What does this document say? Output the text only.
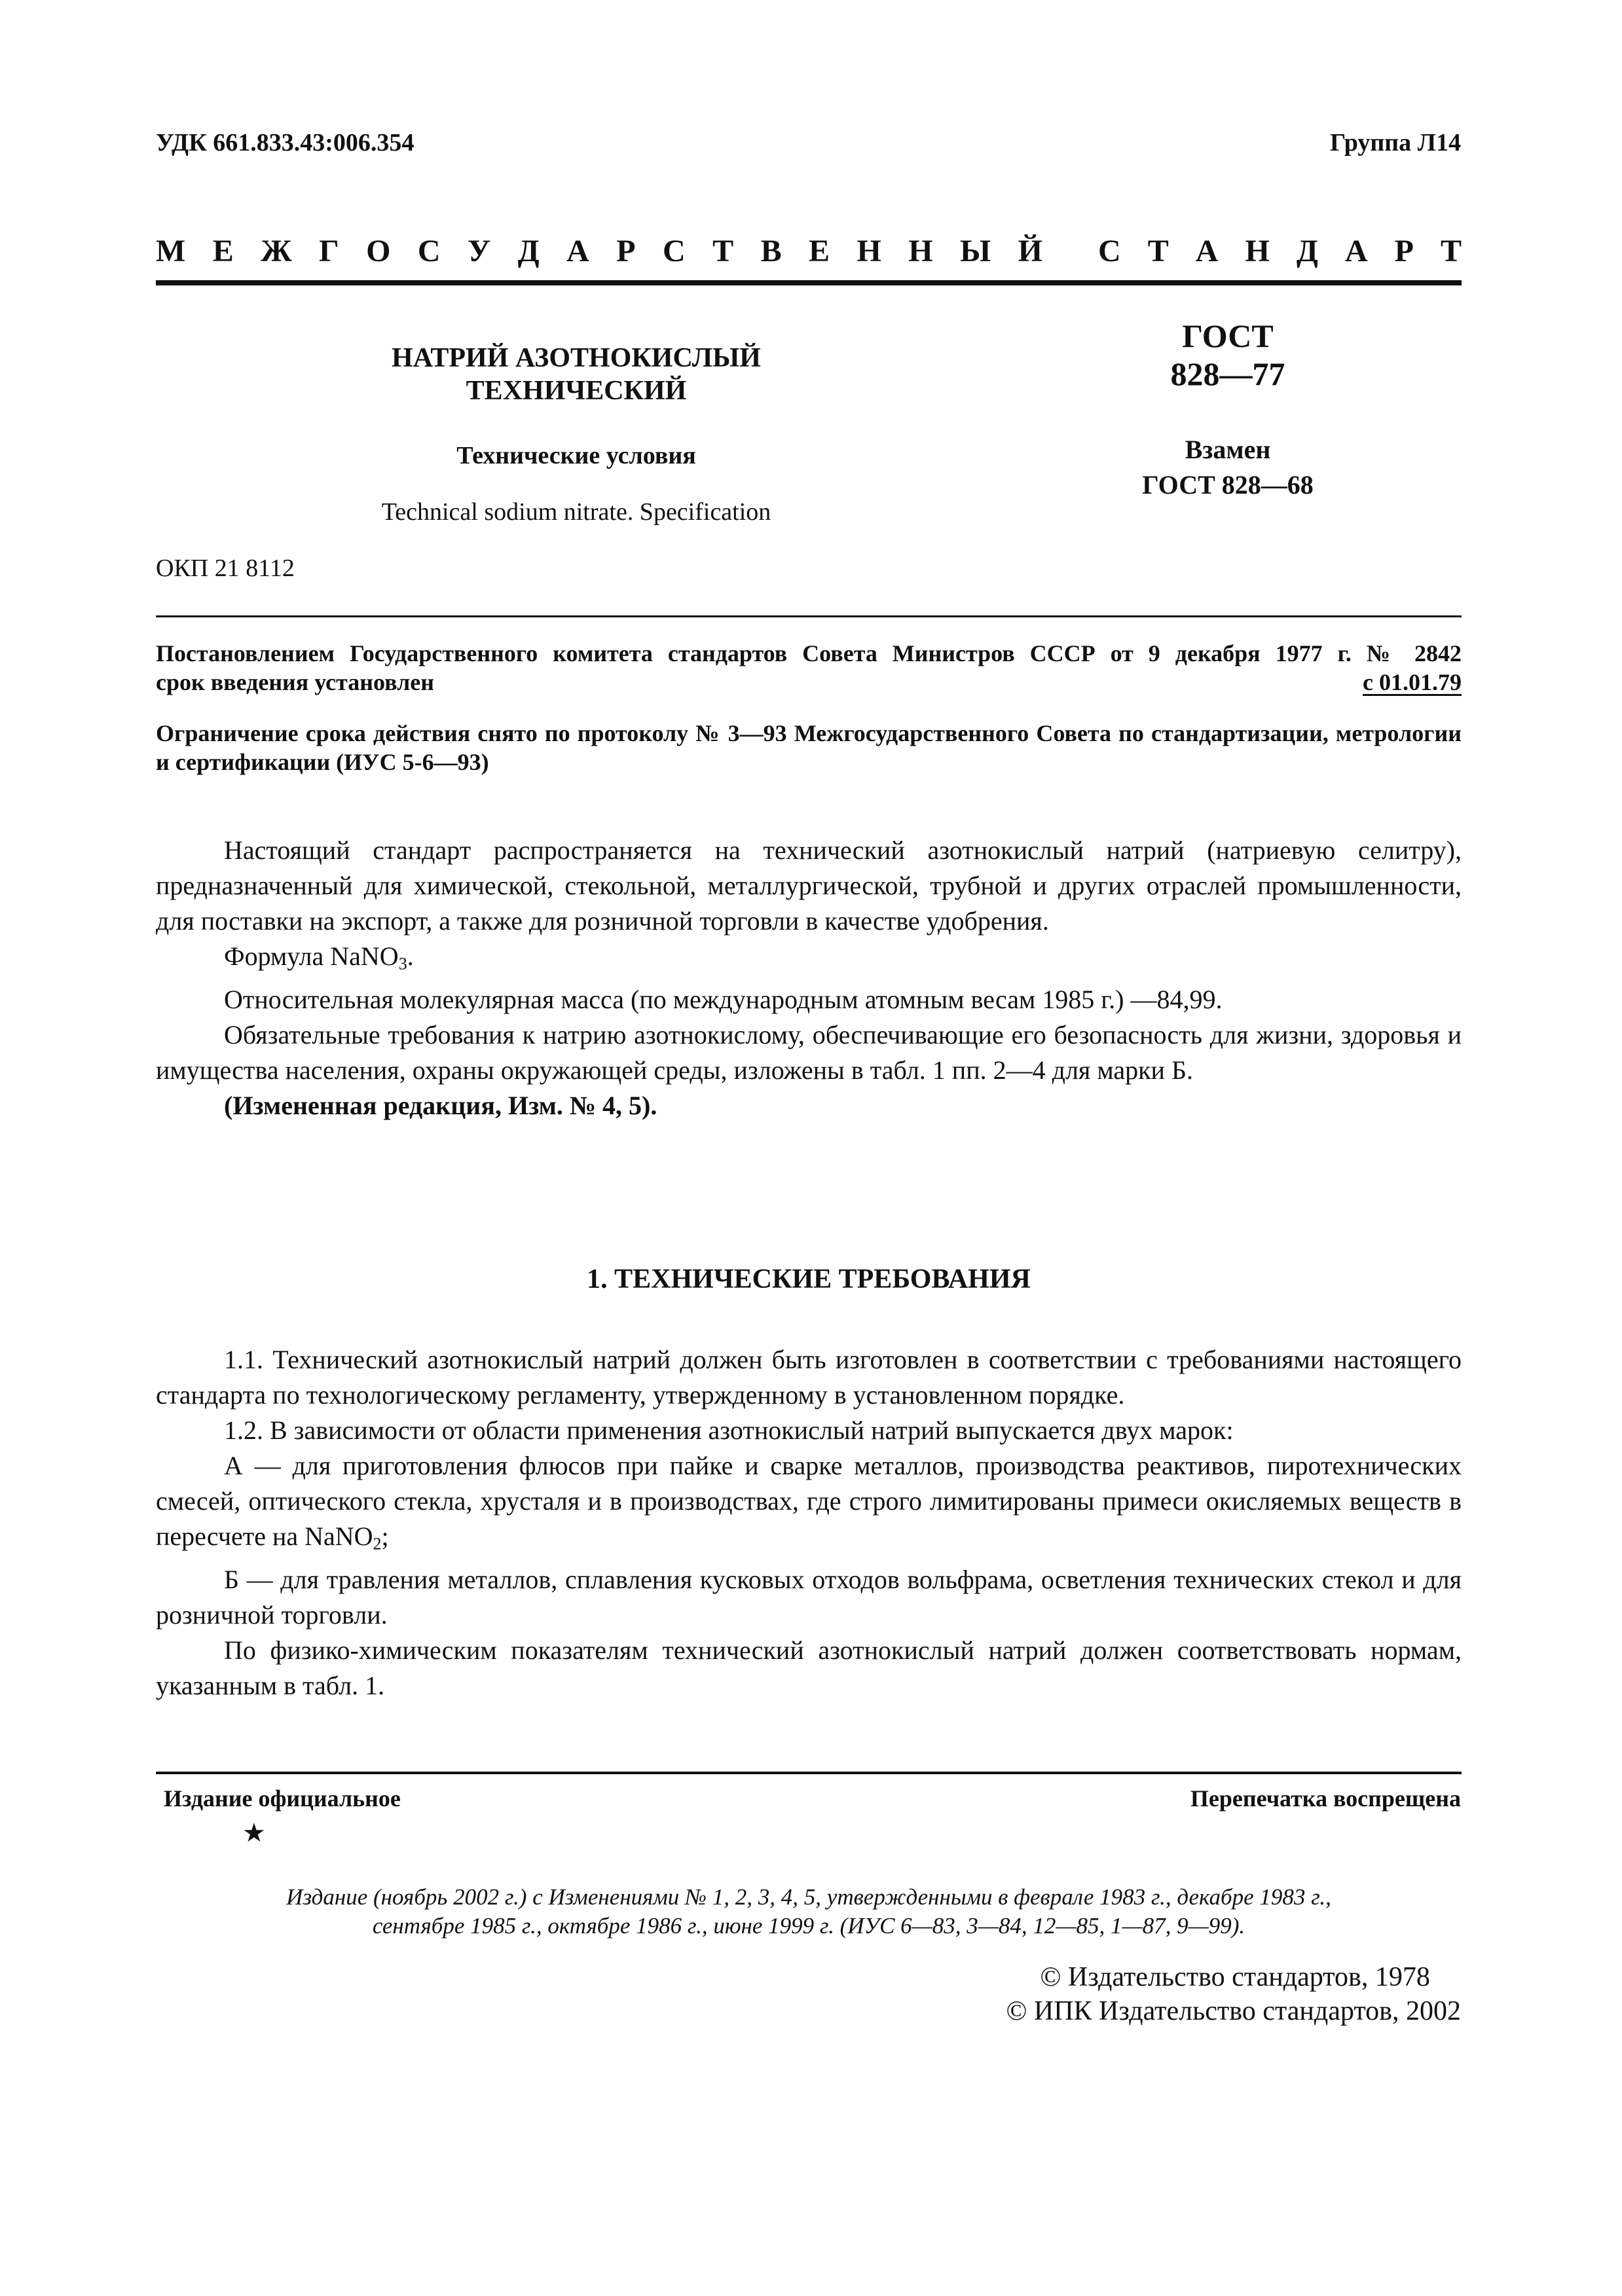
УДК 661.833.43:006.354	Группа Л14
М Е Ж Г О С У Д А Р С Т В Е Н Н Ы Й С Т А Н Д А Р Т
НАТРИЙ АЗОТНОКИСЛЫЙ
ТЕХНИЧЕСКИЙ
Технические условия
Technical sodium nitrate. Specification
ГОСТ
828—77
Взамен
ГОСТ 828—68
ОКП 21 8112
Постановлением Государственного комитета стандартов Совета Министров СССР от 9 декабря 1977 г. № 2842
срок введения установлен	с 01.01.79
Ограничение срока действия снято по протоколу № 3—93 Межгосударственного Совета по стандартизации, метрологии и сертификации (ИУС 5-6—93)

Настоящий стандарт распространяется на технический азотнокислый натрий (натриевую селитру), предназначенный для химической, стекольной, металлургической, трубной и других отраслей промышленности, для поставки на экспорт, а также для розничной торговли в качестве удобрения.

Формула NaNO$_3$.

Относительная молекулярная масса (по международным атомным весам 1985 г.) —84,99.

Обязательные требования к натрию азотнокислому, обеспечивающие его безопасность для жизни, здоровья и имущества населения, охраны окружающей среды, изложены в табл. 1 пп. 2—4 для марки Б.

(Измененная редакция, Изм. № 4, 5).

1. ТЕХНИЧЕСКИЕ ТРЕБОВАНИЯ

1.1. Технический азотнокислый натрий должен быть изготовлен в соответствии с требованиями настоящего стандарта по технологическому регламенту, утвержденному в установленном порядке.

1.2. В зависимости от области применения азотнокислый натрий выпускается двух марок:

А — для приготовления флюсов при пайке и сварке металлов, производства реактивов, пиротехнических смесей, оптического стекла, хрусталя и в производствах, где строго лимитированы примеси окисляемых веществ в пересчете на NaNO$_2$;

Б — для травления металлов, сплавления кусковых отходов вольфрама, осветления технических стекол и для розничной торговли.

По физико-химическим показателям технический азотнокислый натрий должен соответствовать нормам, указанным в табл. 1.

Издание официальное
★
Перепечатка воспрещена
Издание (ноябрь 2002 г.) с Изменениями № 1, 2, 3, 4, 5, утвержденными в феврале 1983 г., декабре 1983 г.,
сентябре 1985 г., октябре 1986 г., июне 1999 г. (ИУС 6—83, 3—84, 12—85, 1—87, 9—99).
© Издательство стандартов, 1978
© ИПК Издательство стандартов, 2002
